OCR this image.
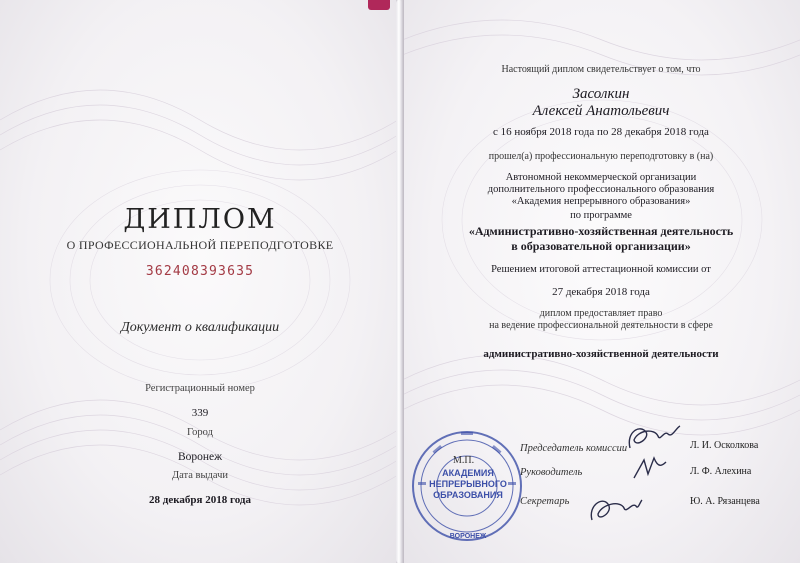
ДИПЛОМ
О ПРОФЕССИОНАЛЬНОЙ ПЕРЕПОДГОТОВКЕ
362408393635
Документ о квалификации
Регистрационный номер
339
Город
Воронеж
Дата выдачи
28 декабря 2018 года
Настоящий диплом свидетельствует о том, что
Засолкин
Алексей Анатольевич
с 16 ноября 2018 года по 28 декабря 2018 года
прошел(а) профессиональную переподготовку в (на)
Автономной некоммерческой организации
дополнительного профессионального образования
«Академия непрерывного образования»
по программе
«Административно-хозяйственная деятельность
в образовательной организации»
Решением итоговой аттестационной комиссии от
27 декабря 2018 года
диплом предоставляет право
на ведение профессиональной деятельности в сфере
административно-хозяйственной деятельности
АКАДЕМИЯ
НЕПРЕРЫВНОГО
ОБРАЗОВАНИЯ
ВОРОНЕЖ
М.П.
Председатель комиссии	Л. И. Осколкова
Руководитель	Л. Ф. Алехина
Секретарь	Ю. А. Рязанцева
